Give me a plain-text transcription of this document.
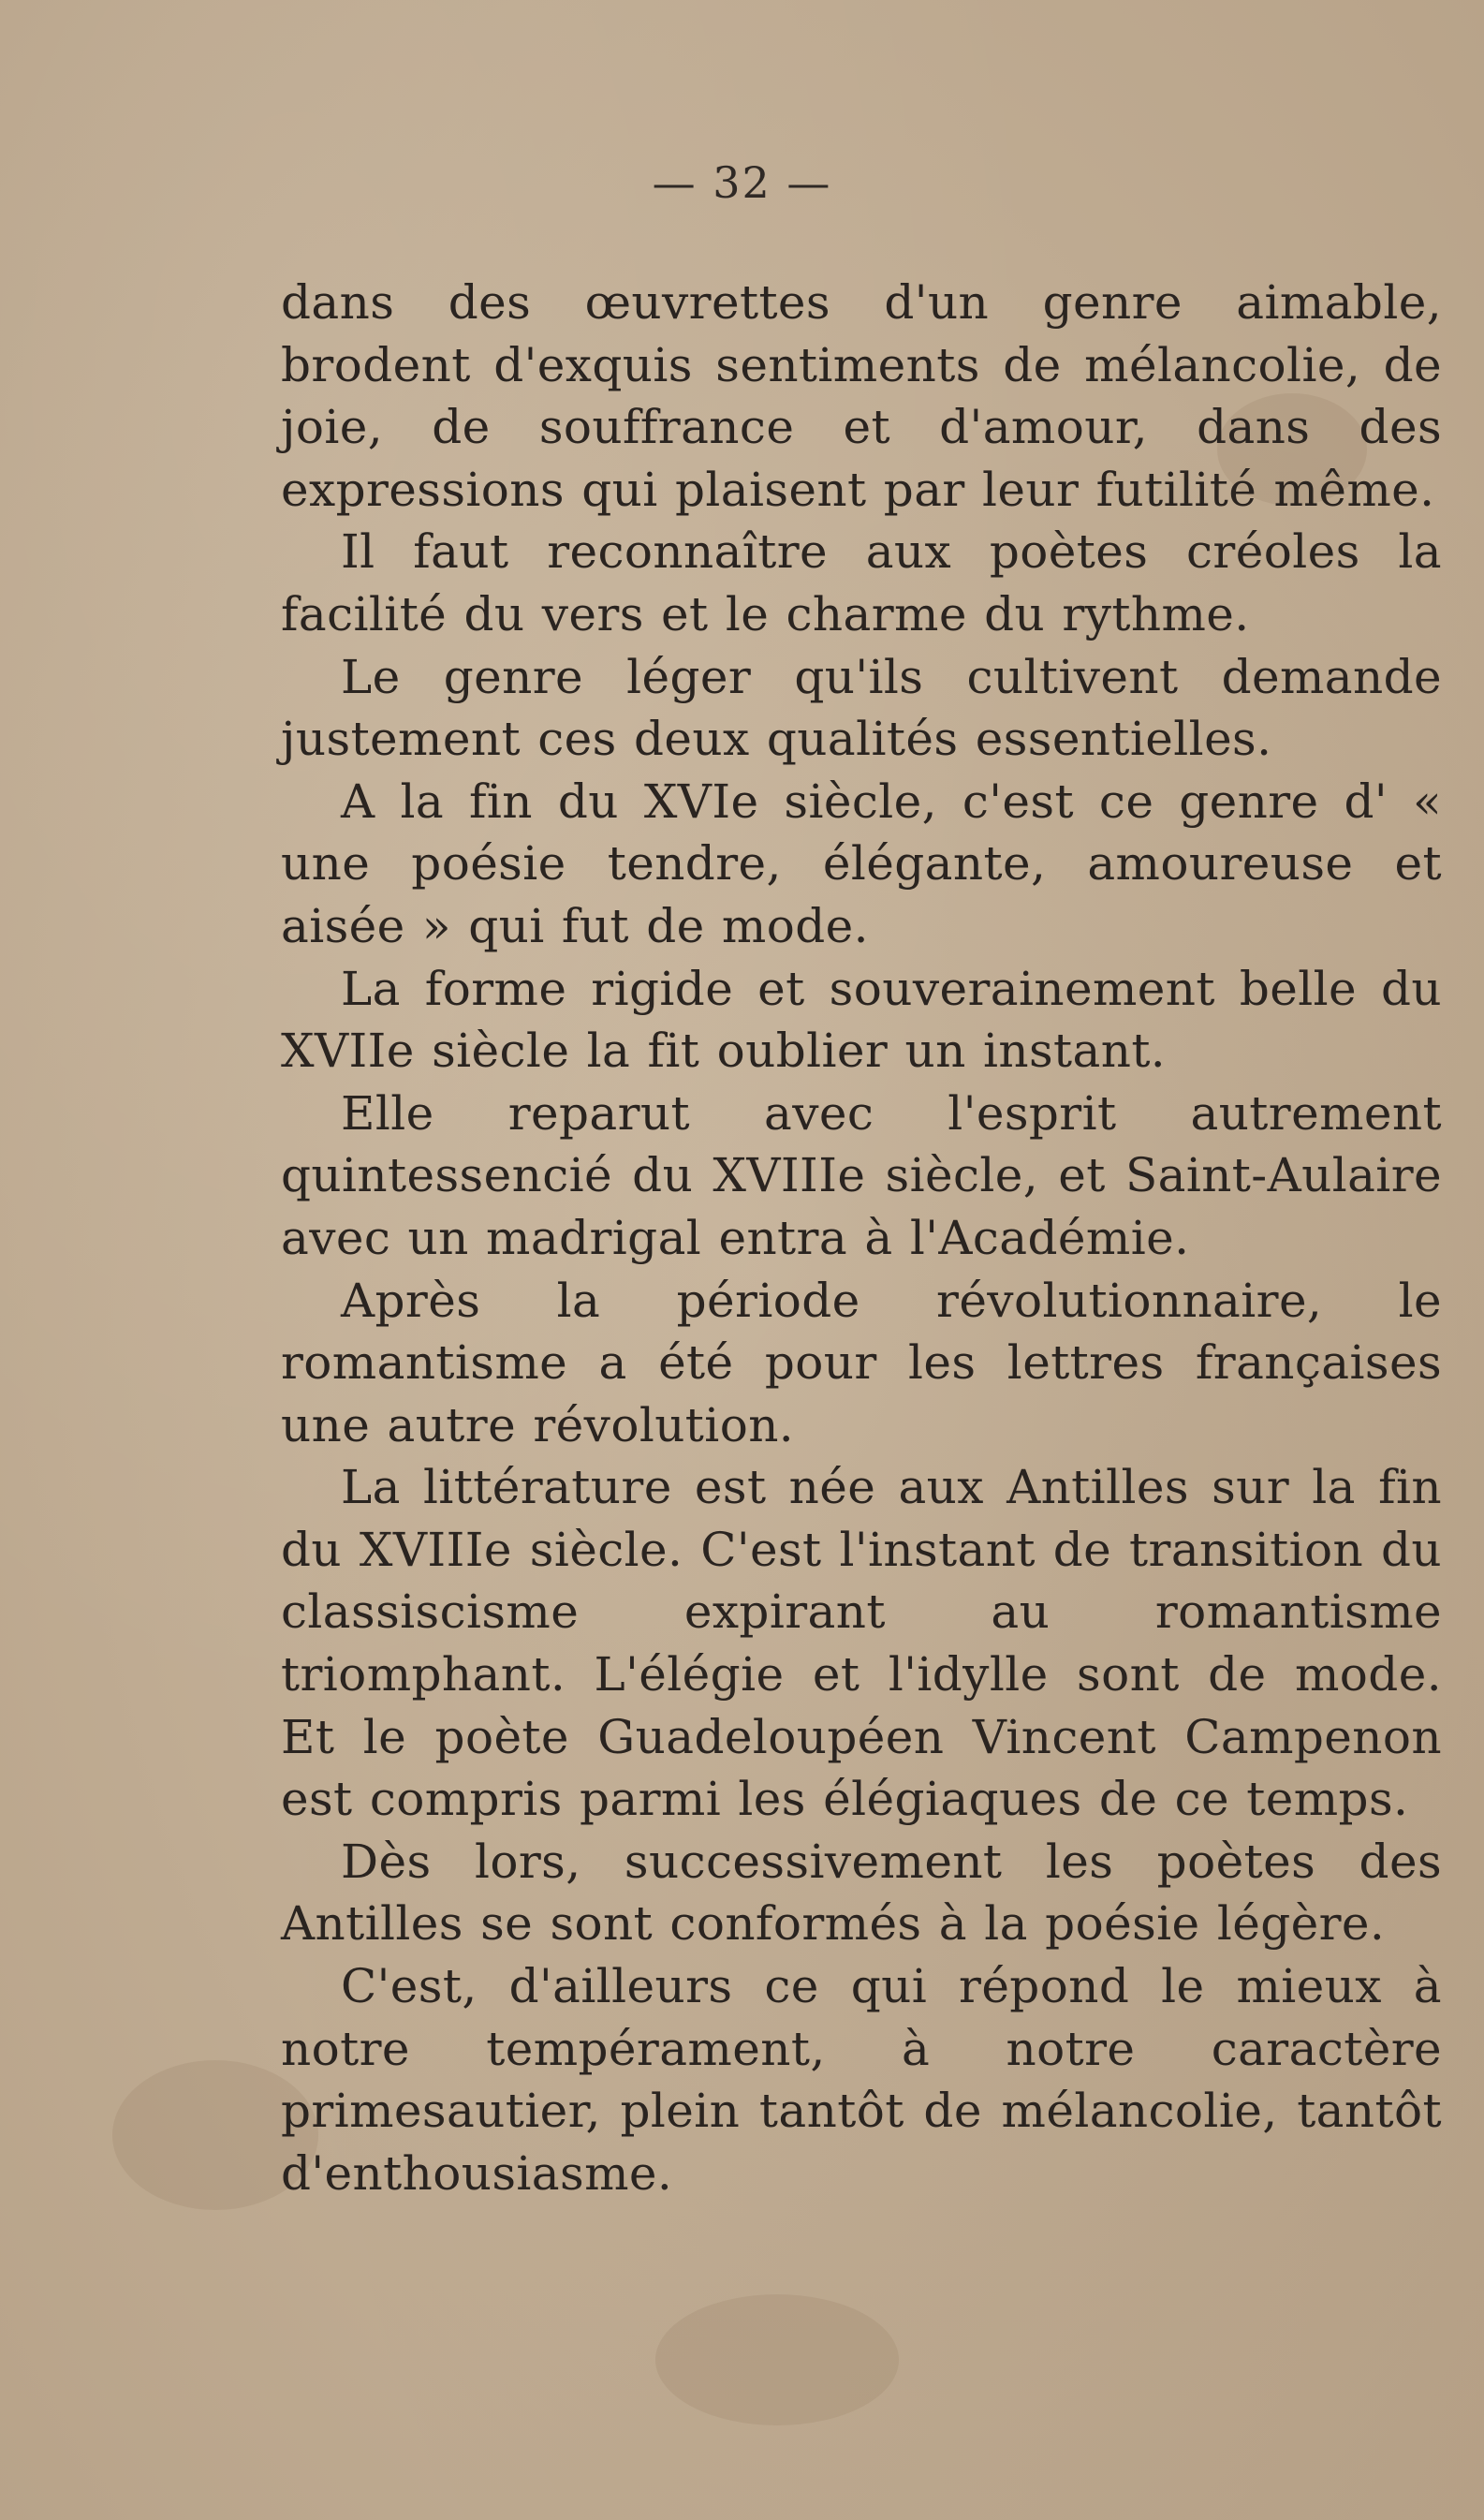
— 32 —

dans des œuvrettes d'un genre aimable, brodent d'exquis sentiments de mélancolie, de joie, de souffrance et d'amour, dans des expressions qui plaisent par leur futilité même.

Il faut reconnaître aux poètes créoles la facilité du vers et le charme du rythme.

Le genre léger qu'ils cultivent demande justement ces deux qualités essentielles.

A la fin du XVIe siècle, c'est ce genre d' « une poésie tendre, élégante, amoureuse et aisée » qui fut de mode.

La forme rigide et souverainement belle du XVIIe siècle la fit oublier un instant.

Elle reparut avec l'esprit autrement quintessencié du XVIIIe siècle, et Saint-Aulaire avec un madrigal entra à l'Académie.

Après la période révolutionnaire, le romantisme a été pour les lettres françaises une autre révolution.

La littérature est née aux Antilles sur la fin du XVIIIe siècle. C'est l'instant de transition du classiscisme expirant au romantisme triomphant. L'élégie et l'idylle sont de mode. Et le poète Guadeloupéen Vincent Campenon est compris parmi les élégiaques de ce temps.

Dès lors, successivement les poètes des Antilles se sont conformés à la poésie légère.

C'est, d'ailleurs ce qui répond le mieux à notre tempérament, à notre caractère primesautier, plein tantôt de mélancolie, tantôt d'enthousiasme.
